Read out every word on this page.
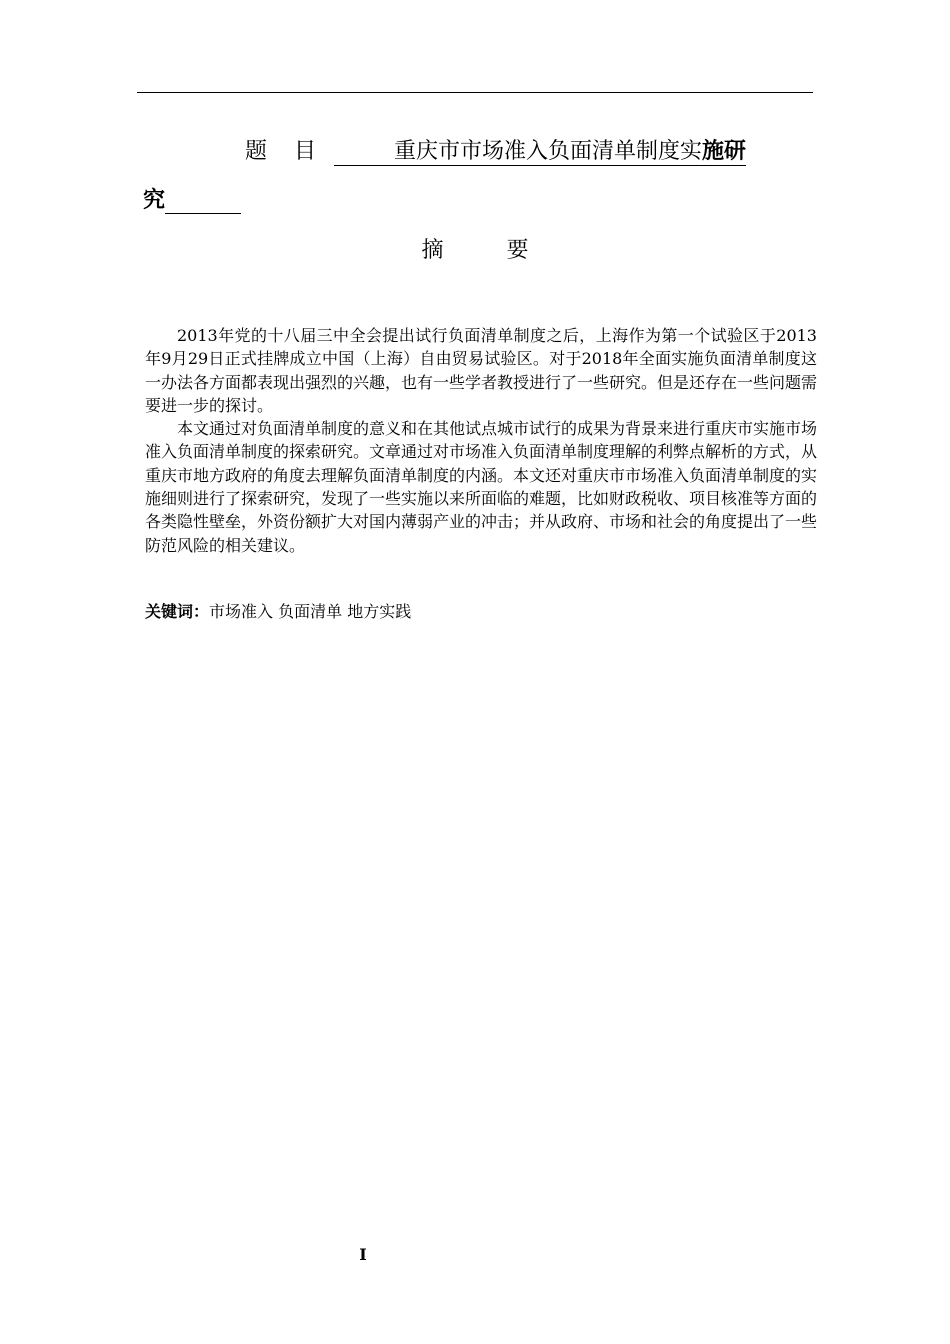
题 目	重庆市市场准入负面清单制度实施研
究
摘 要

2013年党的十八届三中全会提出试行负面清单制度之后，上海作为第一个试验区于2013年9月29日正式挂牌成立中国（上海）自由贸易试验区。对于2018年全面实施负面清单制度这一办法各方面都表现出强烈的兴趣，也有一些学者教授进行了一些研究。但是还存在一些问题需要进一步的探讨。

本文通过对负面清单制度的意义和在其他试点城市试行的成果为背景来进行重庆市实施市场准入负面清单制度的探索研究。文章通过对市场准入负面清单制度理解的利弊点解析的方式，从重庆市地方政府的角度去理解负面清单制度的内涵。本文还对重庆市市场准入负面清单制度的实施细则进行了探索研究，发现了一些实施以来所面临的难题，比如财政税收、项目核准等方面的各类隐性壁垒，外资份额扩大对国内薄弱产业的冲击；并从政府、市场和社会的角度提出了一些防范风险的相关建议。

关键词：市场准入 负面清单 地方实践
I
